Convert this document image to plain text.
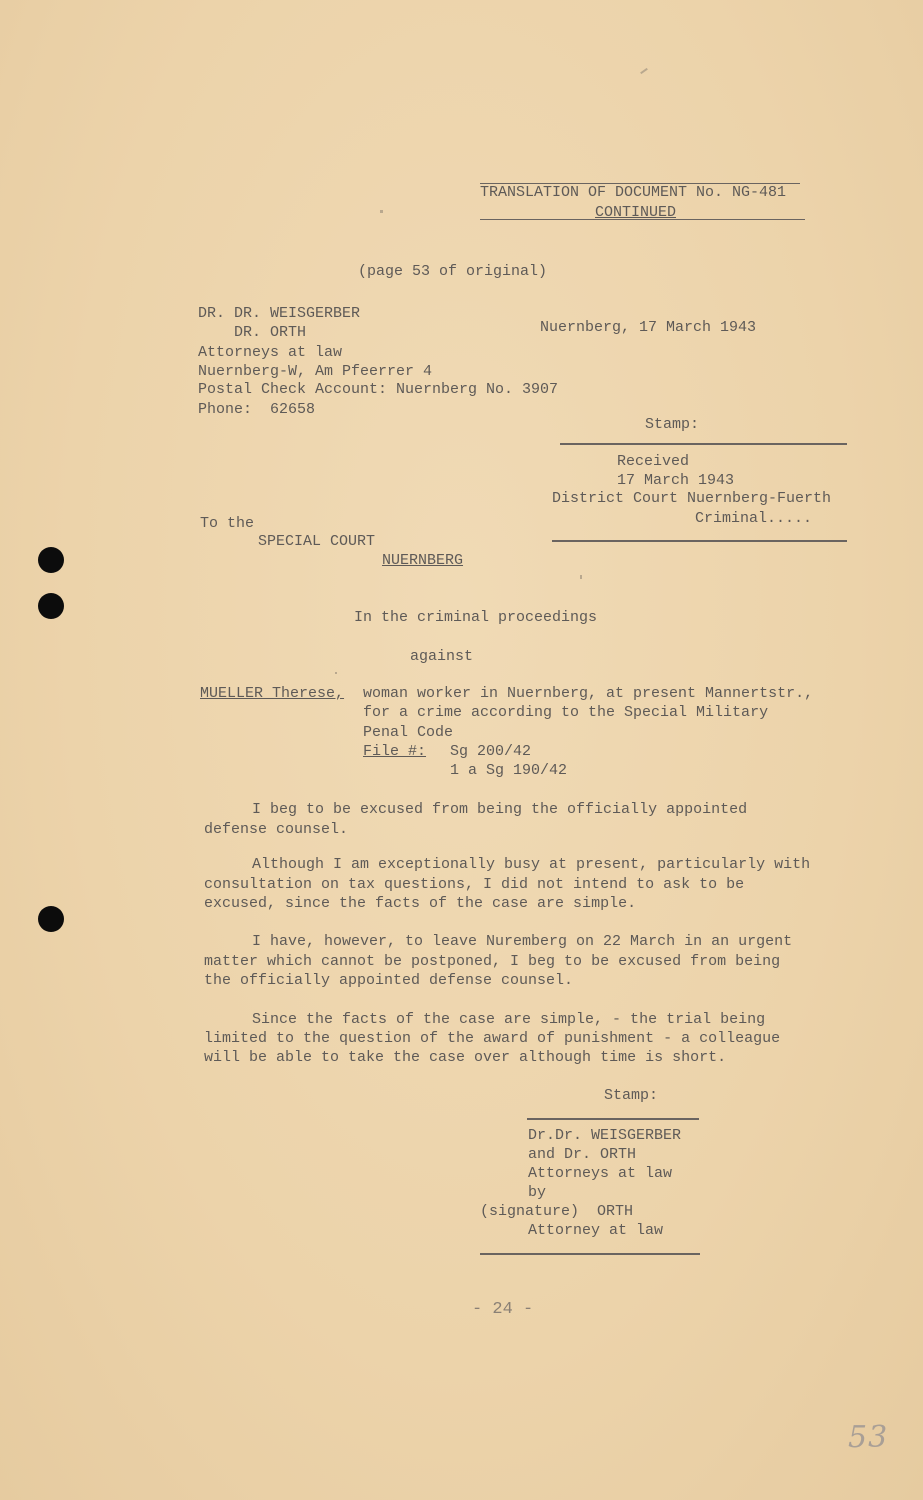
TRANSLATION OF DOCUMENT No. NG-481
CONTINUED
(page 53 of original)
DR. DR. WEISGERBER
DR. ORTH
Attorneys at law
Nuernberg-W, Am Pfeerrer 4
Postal Check Account: Nuernberg No. 3907
Phone:  62658
Nuernberg, 17 March 1943
Stamp:
Received
17 March 1943
District Court Nuernberg-Fuerth
Criminal.....
To the
SPECIAL COURT
NUERNBERG
In the criminal proceedings
against
MUELLER Therese, woman worker in Nuernberg, at present Mannertstr.,
for a crime according to the Special Military
Penal Code
File #: Sg 200/42
1 a Sg 190/42
I beg to be excused from being the officially appointed
defense counsel.
Although I am exceptionally busy at present, particularly with
consultation on tax questions, I did not intend to ask to be
excused, since the facts of the case are simple.
I have, however, to leave Nuremberg on 22 March in an urgent
matter which cannot be postponed, I beg to be excused from being
the officially appointed defense counsel.
Since the facts of the case are simple, - the trial being
limited to the question of the award of punishment - a colleague
will be able to take the case over although time is short.
Stamp:
Dr.Dr. WEISGERBER
and Dr. ORTH
Attorneys at law
by
(signature)  ORTH
Attorney at law
- 24 -
53
